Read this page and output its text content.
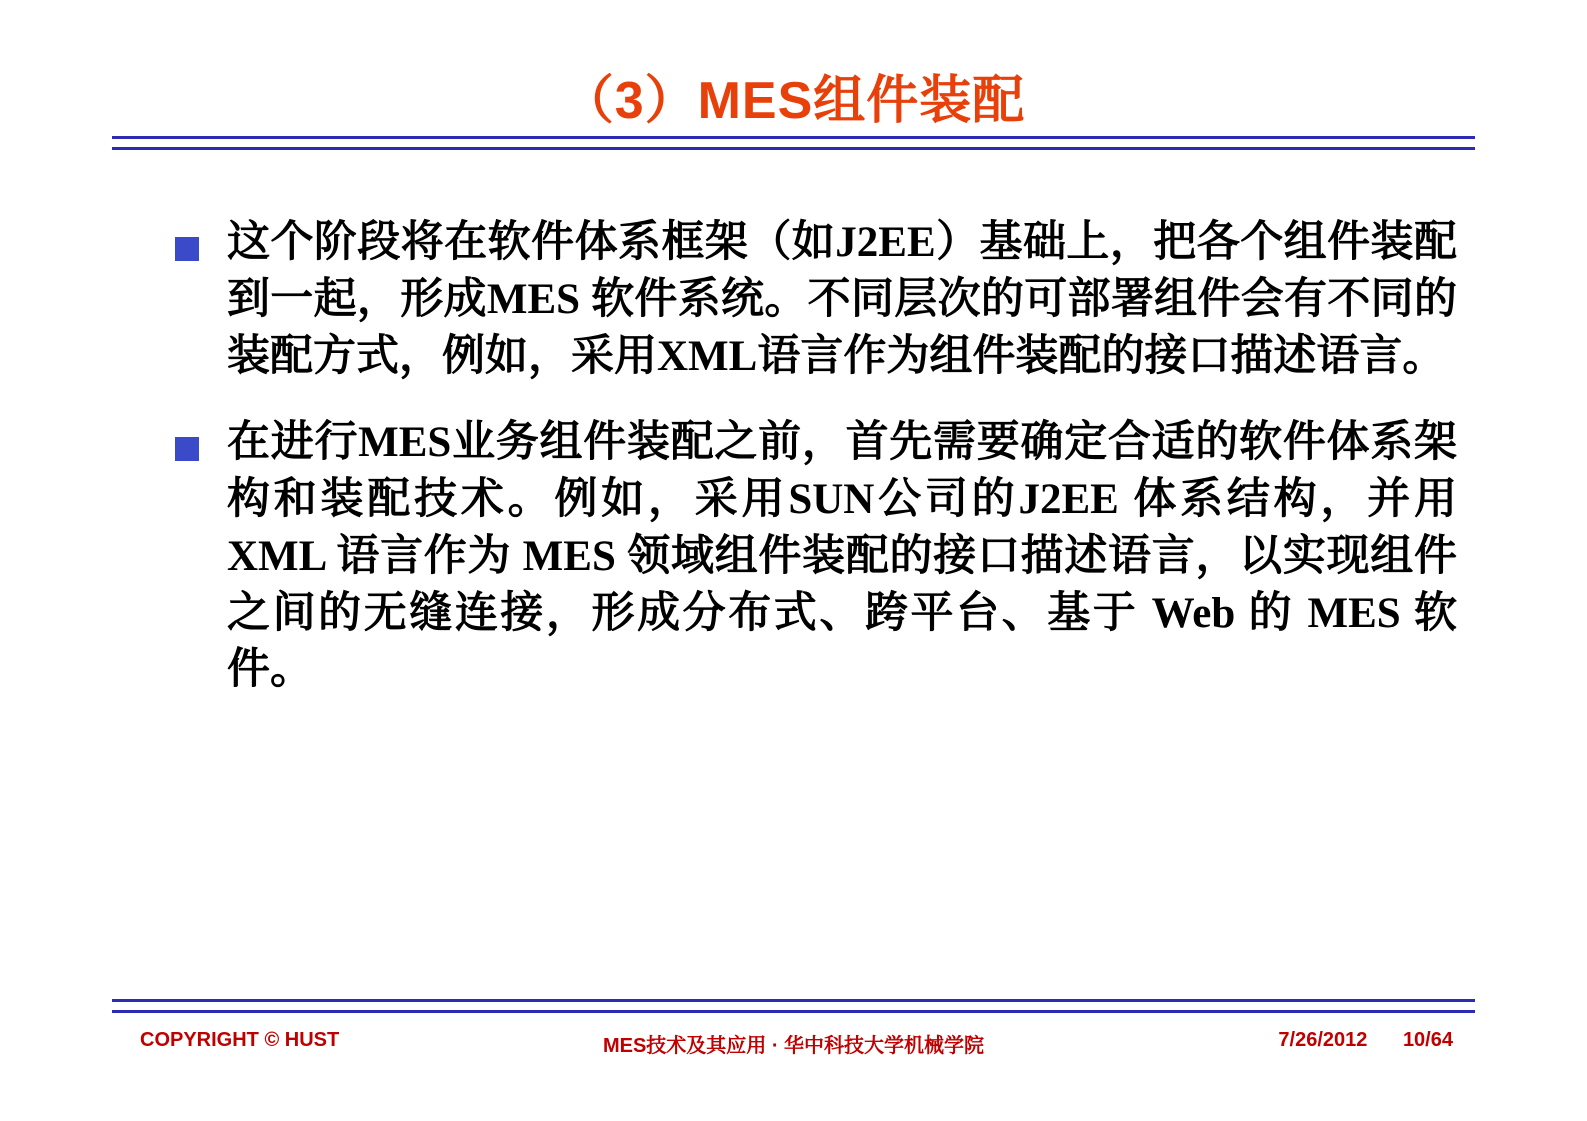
（3）MES组件装配
这个阶段将在软件体系框架（如J2EE）基础上，把各个组件装配到一起，形成MES 软件系统。不同层次的可部署组件会有不同的装配方式，例如，采用XML语言作为组件装配的接口描述语言。
在进行MES业务组件装配之前，首先需要确定合适的软件体系架构和装配技术。例如，采用SUN公司的J2EE 体系结构，并用 XML 语言作为 MES 领域组件装配的接口描述语言，以实现组件之间的无缝连接，形成分布式、跨平台、基于 Web 的 MES 软件。
COPYRIGHT © HUST	MES技术及其应用 · 华中科技大学机械学院	7/26/2012 10/64
